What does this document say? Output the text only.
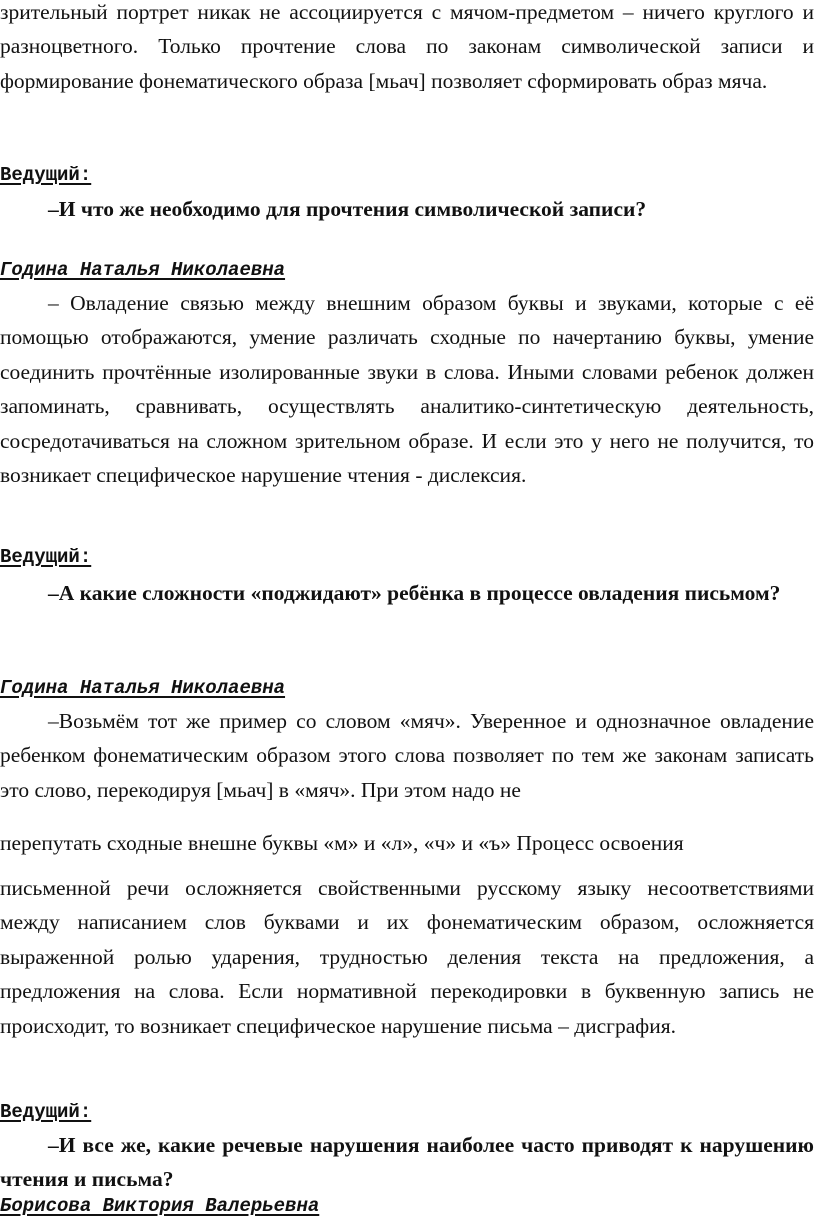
зрительный портрет никак не ассоциируется с мячом-предметом – ничего круглого и разноцветного. Только прочтение слова по законам символической записи и формирование фонематического образа [мьач] позволяет сформировать образ мяча.

Ведущий:

–И что же необходимо для прочтения символической записи?

Година Наталья Николаевна

– Овладение связью между внешним образом буквы и звуками, которые с её помощью отображаются, умение различать сходные по начертанию буквы, умение соединить прочтённые изолированные звуки в слова. Иными словами ребенок должен запоминать, сравнивать, осуществлять аналитико-синтетическую деятельность, сосредотачиваться на сложном зрительном образе. И если это у него не получится, то возникает специфическое нарушение чтения - дислексия.

Ведущий:

–А какие сложности «поджидают» ребёнка в процессе овладения письмом?

Година Наталья Николаевна

–Возьмём тот же пример со словом «мяч». Уверенное и однозначное овладение ребенком фонематическим образом этого слова позволяет по тем же законам записать это слово, перекодируя [мьач] в «мяч». При этом надо не

перепутать сходные внешне буквы «м» и «л», «ч» и «ъ» Процесс освоения

письменной речи осложняется свойственными русскому языку несоответствиями между написанием слов буквами и их фонематическим образом, осложняется выраженной ролью ударения, трудностью деления текста на предложения, а предложения на слова. Если нормативной перекодировки в буквенную запись не происходит, то возникает специфическое нарушение письма – дисграфия.

Ведущий:

–И все же, какие речевые нарушения наиболее часто приводят к нарушению чтения и письма?

Борисова Виктория Валерьевна
